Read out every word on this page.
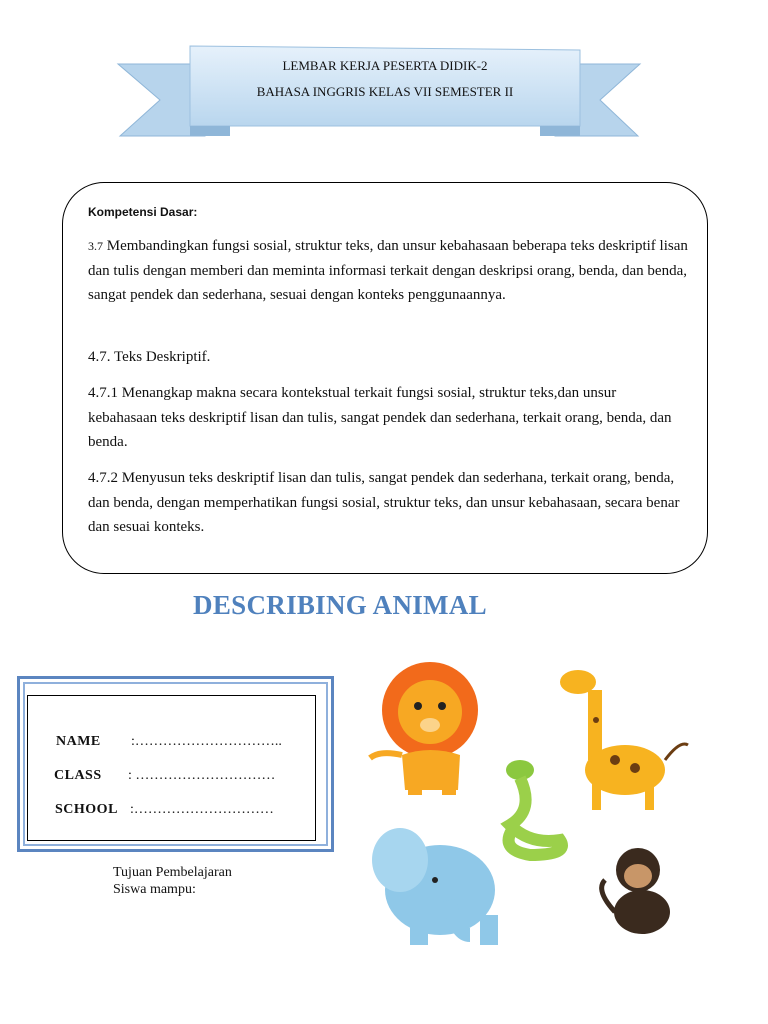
LEMBAR KERJA PESERTA DIDIK-2
BAHASA INGGRIS KELAS VII SEMESTER II
Kompetensi Dasar:
3.7 Membandingkan fungsi sosial, struktur teks, dan unsur kebahasaan beberapa teks deskriptif lisan dan tulis dengan memberi dan meminta informasi terkait dengan deskripsi orang, benda, dan benda, sangat pendek dan sederhana, sesuai dengan konteks penggunaannya.
4.7. Teks Deskriptif.
4.7.1 Menangkap makna secara kontekstual terkait fungsi sosial, struktur teks,dan unsur kebahasaan teks deskriptif lisan dan tulis, sangat pendek dan sederhana, terkait orang, benda, dan benda.
4.7.2 Menyusun teks deskriptif lisan dan tulis, sangat pendek dan sederhana, terkait orang, benda, dan benda, dengan memperhatikan fungsi sosial, struktur teks, dan unsur kebahasaan, secara benar dan sesuai konteks.
DESCRIBING ANIMAL
NAME :…………………………..
CLASS : …………………………
SCHOOL :…………………………
Tujuan Pembelajaran
Siswa mampu:
